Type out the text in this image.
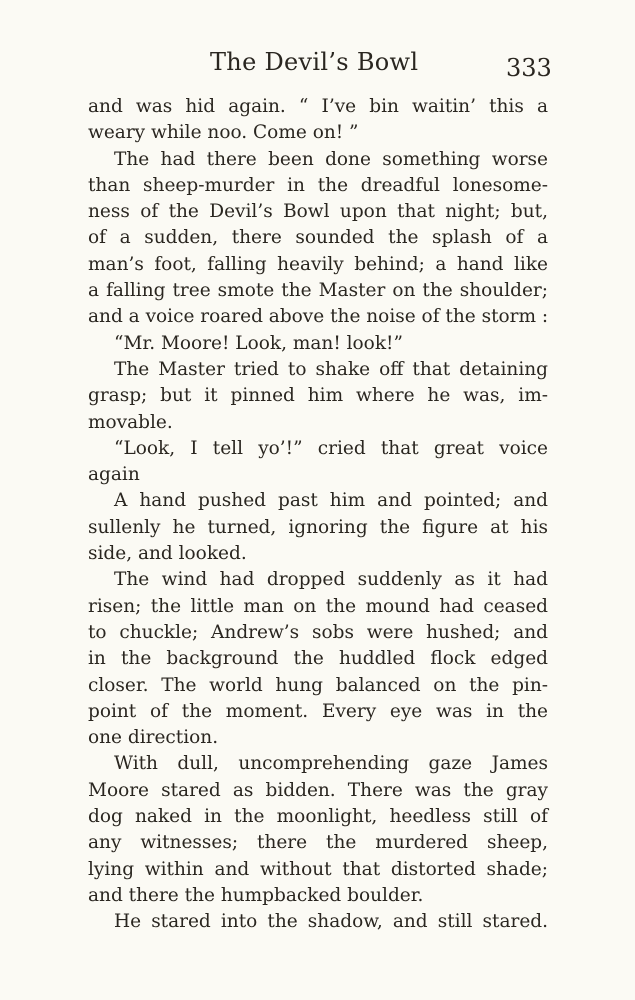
The Devil’s Bowl	333
and was hid again. “ I’ve bin waitin’ this a
weary while noo. Come on! ”
The had there been done something worse
than sheep-murder in the dreadful lonesome-
ness of the Devil’s Bowl upon that night; but,
of a sudden, there sounded the splash of a
man’s foot, falling heavily behind; a hand like
a falling tree smote the Master on the shoulder;
and a voice roared above the noise of the storm :
“Mr. Moore! Look, man! look!”
The Master tried to shake off that detaining
grasp; but it pinned him where he was, im-
movable.
“Look, I tell yo’!” cried that great voice
again
A hand pushed past him and pointed; and
sullenly he turned, ignoring the figure at his
side, and looked.
The wind had dropped suddenly as it had
risen; the little man on the mound had ceased
to chuckle; Andrew’s sobs were hushed; and
in the background the huddled flock edged
closer. The world hung balanced on the pin-
point of the moment. Every eye was in the
one direction.
With dull, uncomprehending gaze James
Moore stared as bidden. There was the gray
dog naked in the moonlight, heedless still of
any witnesses; there the murdered sheep,
lying within and without that distorted shade;
and there the humpbacked boulder.
He stared into the shadow, and still stared.
